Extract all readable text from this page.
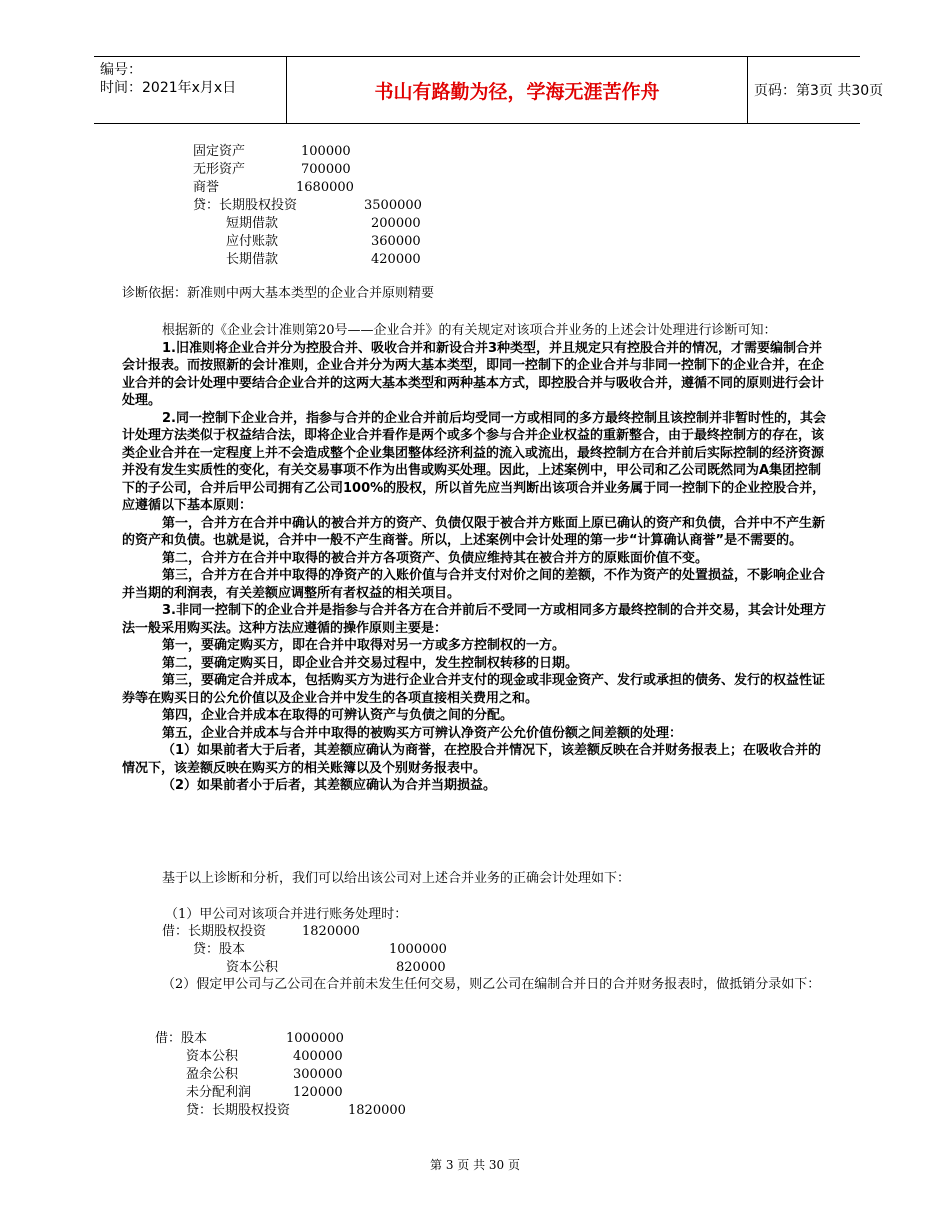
编号：
时间：2021年x月x日	书山有路勤为径，学海无涯苦作舟	页码：第3页 共30页
固定资产	100000
无形资产	700000
商誉	1680000
贷：长期股权投资	3500000
短期借款	200000
应付账款	360000
长期借款	420000
诊断依据：新准则中两大基本类型的企业合并原则精要
根据新的《企业会计准则第20号——企业合并》的有关规定对该项合并业务的上述会计处理进行诊断可知：
1.旧准则将企业合并分为控股合并、吸收合并和新设合并3种类型，并且规定只有控股合并的情况，才需要编制合并会计报表。而按照新的会计准则，企业合并分为两大基本类型，即同一控制下的企业合并与非同一控制下的企业合并，在企业合并的会计处理中要结合企业合并的这两大基本类型和两种基本方式，即控股合并与吸收合并，遵循不同的原则进行会计处理。
2.同一控制下企业合并，指参与合并的企业合并前后均受同一方或相同的多方最终控制且该控制并非暂时性的，其会计处理方法类似于权益结合法，即将企业合并看作是两个或多个参与合并企业权益的重新整合，由于最终控制方的存在，该类企业合并在一定程度上并不会造成整个企业集团整体经济利益的流入或流出，最终控制方在合并前后实际控制的经济资源并没有发生实质性的变化，有关交易事项不作为出售或购买处理。因此，上述案例中，甲公司和乙公司既然同为A集团控制下的子公司，合并后甲公司拥有乙公司100%的股权，所以首先应当判断出该项合并业务属于同一控制下的企业控股合并，应遵循以下基本原则：
第一，合并方在合并中确认的被合并方的资产、负债仅限于被合并方账面上原已确认的资产和负债，合并中不产生新的资产和负债。也就是说，合并中一般不产生商誉。所以，上述案例中会计处理的第一步“计算确认商誉”是不需要的。
第二，合并方在合并中取得的被合并方各项资产、负债应维持其在被合并方的原账面价值不变。
第三，合并方在合并中取得的净资产的入账价值与合并支付对价之间的差额，不作为资产的处置损益，不影响企业合并当期的利润表，有关差额应调整所有者权益的相关项目。
3.非同一控制下的企业合并是指参与合并各方在合并前后不受同一方或相同多方最终控制的合并交易，其会计处理方法一般采用购买法。这种方法应遵循的操作原则主要是：
第一，要确定购买方，即在合并中取得对另一方或多方控制权的一方。
第二，要确定购买日，即企业合并交易过程中，发生控制权转移的日期。
第三，要确定合并成本，包括购买方为进行企业合并支付的现金或非现金资产、发行或承担的债务、发行的权益性证券等在购买日的公允价值以及企业合并中发生的各项直接相关费用之和。
第四，企业合并成本在取得的可辨认资产与负债之间的分配。
第五，企业合并成本与合并中取得的被购买方可辨认净资产公允价值份额之间差额的处理：
（1）如果前者大于后者，其差额应确认为商誉，在控股合并情况下，该差额反映在合并财务报表上；在吸收合并的情况下，该差额反映在购买方的相关账簿以及个别财务报表中。
（2）如果前者小于后者，其差额应确认为合并当期损益。
基于以上诊断和分析，我们可以给出该公司对上述合并业务的正确会计处理如下：
（1）甲公司对该项合并进行账务处理时：
借：长期股权投资	1820000
贷：股本	1000000
资本公积	820000
（2）假定甲公司与乙公司在合并前未发生任何交易，则乙公司在编制合并日的合并财务报表时，做抵销分录如下：
借：股本	1000000
资本公积	400000
盈余公积	300000
未分配利润	120000
贷：长期股权投资	1820000
第 3 页 共 30 页
